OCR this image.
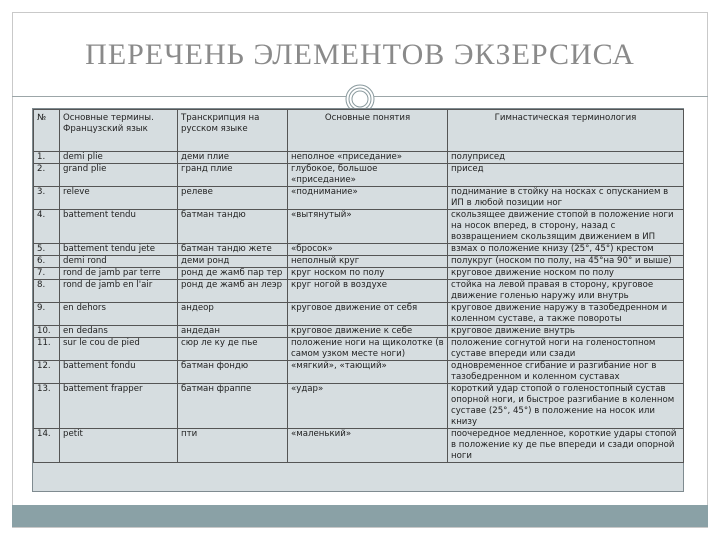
ПЕРЕЧЕНЬ ЭЛЕМЕНТОВ ЭКЗЕРСИСА
№	Основные термины. Французский язык	Транскрипция на русском языке	Основные понятия	Гимнастическая терминология
1.	demi plie	деми плие	неполное «приседание»	полуприсед
2.	grand plie	гранд плие	глубокое, большое «приседание»	присед
3.	releve	релеве	«поднимание»	поднимание в стойку на носках с опусканием в ИП в любой позиции ног
4.	battement tendu	батман тандю	«вытянутый»	скользящее движение стопой в положение ноги на носок вперед, в сторону, назад с возвращением скользящим движением в ИП
5.	battement tendu jete	батман тандю жете	«бросок»	взмах о положение книзу (25°, 45°) крестом
6.	demi rond	деми ронд	неполный круг	полукруг (носком по полу, на 45°на 90° и выше)
7.	rond de jamb par terre	ронд де жамб пар тер	круг носком по полу	круговое движение носком по полу
8.	rond de jamb en l'air	ронд де жамб ан леэр	круг ногой в воздухе	стойка на левой правая в сторону, круговое движение голенью наружу или внутрь
9.	en dehors	андеор	круговое движение от себя	круговое движение наружу в тазобедренном и коленном суставе, а также повороты
10.	en dedans	андедан	круговое движение к себе	круговое движение внутрь
11.	sur le cou de pied	сюр ле ку де пье	положение ноги на щиколотке (в самом узком месте ноги)	положение согнутой ноги на голеностопном суставе впереди или сзади
12.	battement fondu	батман фондю	«мягкий», «тающий»	одновременное сгибание и разгибание ног в тазобедренном и коленном суставах
13.	battement frapper	батман фраппе	«удар»	короткий удар стопой о голеностопный сустав опорной ноги, и быстрое разгибание в коленном суставе (25°, 45°) в положение на носок или книзу
14.	petit	пти	«маленький»	поочередное медленное, короткие удары стопой в положение ку де пье впереди и сзади опорной ноги
